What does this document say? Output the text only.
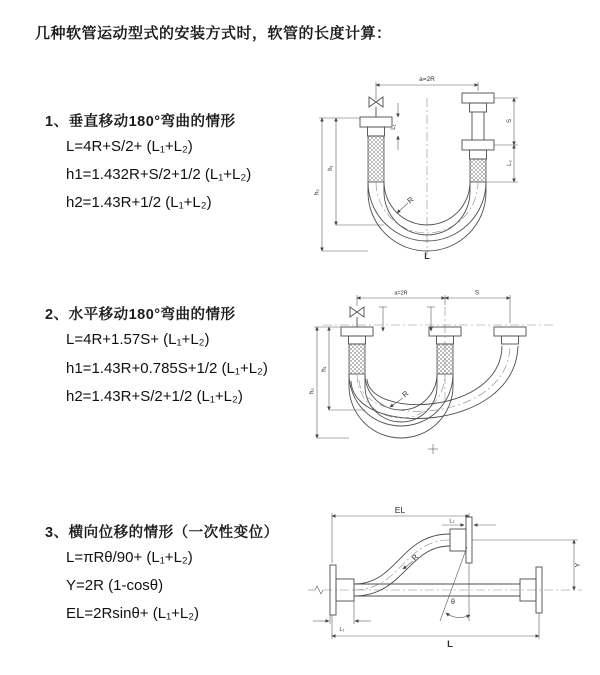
几种软管运动型式的安装方式时，软管的长度计算：
1、垂直移动180°弯曲的情形
L=4R+S/2+ (L₁+L₂)
h1=1.432R+S/2+1/2 (L₁+L₂)
h2=1.43R+1/2 (L₁+L₂)
a=2R
h₁
h₂
S
L₂
L₁
R
L
2、水平移动180°弯曲的情形
L=4R+1.57S+ (L₁+L₂)
h1=1.43R+0.785S+1/2 (L₁+L₂)
h2=1.43R+S/2+1/2 (L₁+L₂)
a=2R	S
h₁
h₂	R
3、横向位移的情形（一次性变位）
L=πRθ/90+ (L₁+L₂)
Y=2R (1-cosθ)
EL=2Rsinθ+ (L₁+L₂)
θ
EL
L₂
Y
L₁
L
R
